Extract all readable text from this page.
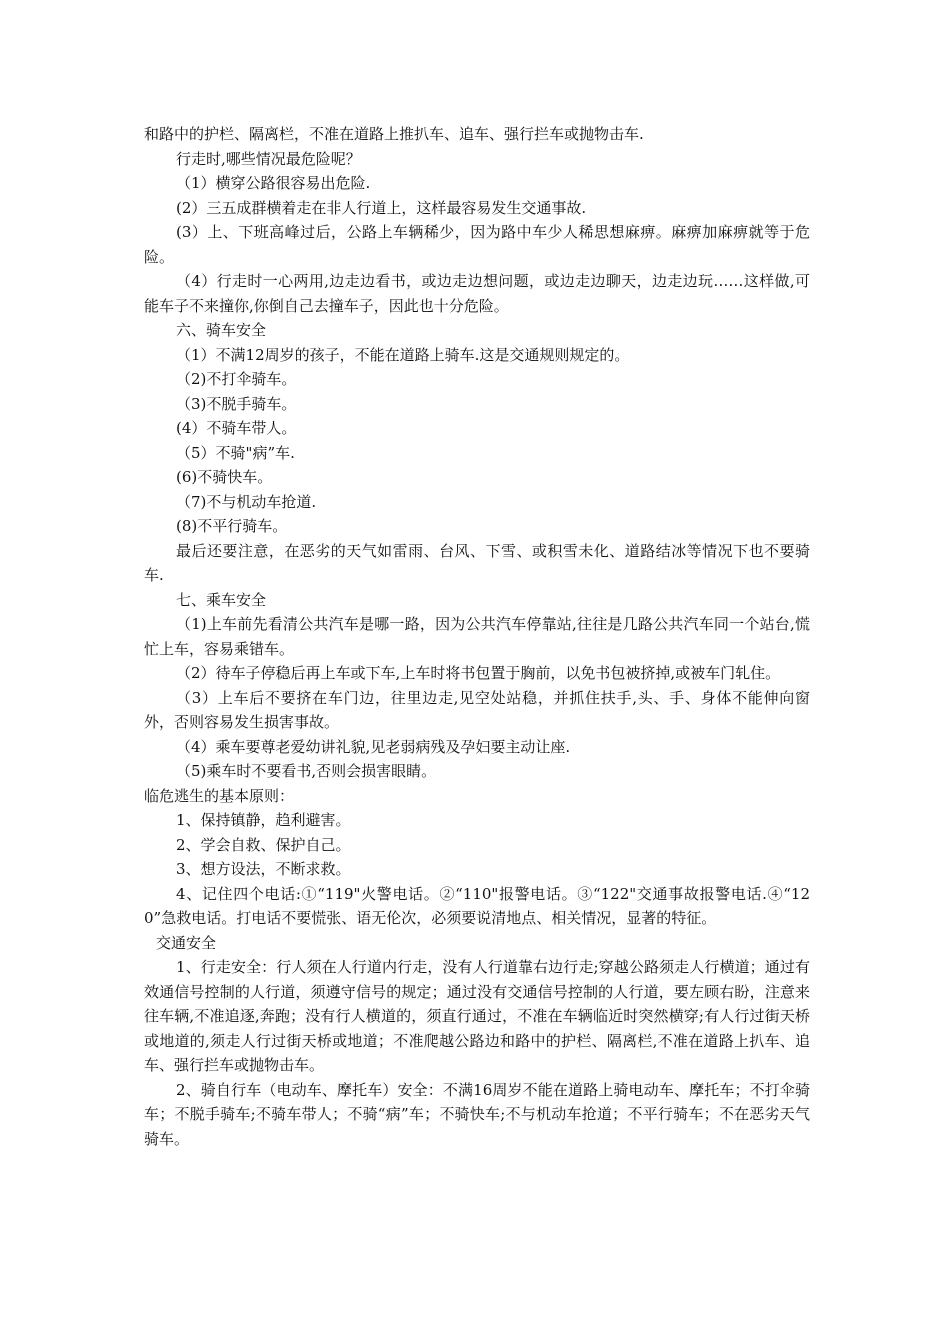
和路中的护栏、隔离栏，不准在道路上推扒车、追车、强行拦车或抛物击车.

行走时,哪些情况最危险呢？

（1）横穿公路很容易出危险.

(2）三五成群横着走在非人行道上，这样最容易发生交通事故.

(3）上、下班高峰过后，公路上车辆稀少，因为路中车少人稀思想麻痹。麻痹加麻痹就等于危险。

（4）行走时一心两用,边走边看书，或边走边想问题，或边走边聊天，边走边玩……这样做,可能车子不来撞你,你倒自己去撞车子，因此也十分危险。

六、骑车安全

（1）不满12周岁的孩子，不能在道路上骑车.这是交通规则规定的。

（2)不打伞骑车。

（3)不脱手骑车。

(4）不骑车带人。

（5）不骑"病”车.

(6)不骑快车。

（7)不与机动车抢道.

(8)不平行骑车。

最后还要注意，在恶劣的天气如雷雨、台风、下雪、或积雪未化、道路结冰等情况下也不要骑车.

七、乘车安全

（1)上车前先看清公共汽车是哪一路，因为公共汽车停靠站,往往是几路公共汽车同一个站台,慌忙上车，容易乘错车。

（2）待车子停稳后再上车或下车,上车时将书包置于胸前，以免书包被挤掉,或被车门轧住。

（3）上车后不要挤在车门边，往里边走,见空处站稳，并抓住扶手,头、手、身体不能伸向窗外，否则容易发生损害事故。

（4）乘车要尊老爱幼讲礼貌,见老弱病残及孕妇要主动让座.

（5)乘车时不要看书,否则会损害眼睛。

临危逃生的基本原则：

1、保持镇静，趋利避害。

2、学会自救、保护自己。

3、想方设法，不断求救。

4、记住四个电话:①“119"火警电话。②“110"报警电话。③“122"交通事故报警电话.④“120”急救电话。打电话不要慌张、语无伦次，必须要说清地点、相关情况，显著的特征。

交通安全

1、行走安全：行人须在人行道内行走，没有人行道靠右边行走;穿越公路须走人行横道；通过有效通信号控制的人行道，须遵守信号的规定；通过没有交通信号控制的人行道，要左顾右盼，注意来往车辆,不准追逐,奔跑；没有行人横道的，须直行通过，不准在车辆临近时突然横穿;有人行过街天桥或地道的,须走人行过街天桥或地道；不准爬越公路边和路中的护栏、隔离栏,不准在道路上扒车、追车、强行拦车或抛物击车。

2、骑自行车（电动车、摩托车）安全：不满16周岁不能在道路上骑电动车、摩托车；不打伞骑车；不脱手骑车;不骑车带人；不骑“病”车；不骑快车;不与机动车抢道；不平行骑车；不在恶劣天气骑车。
